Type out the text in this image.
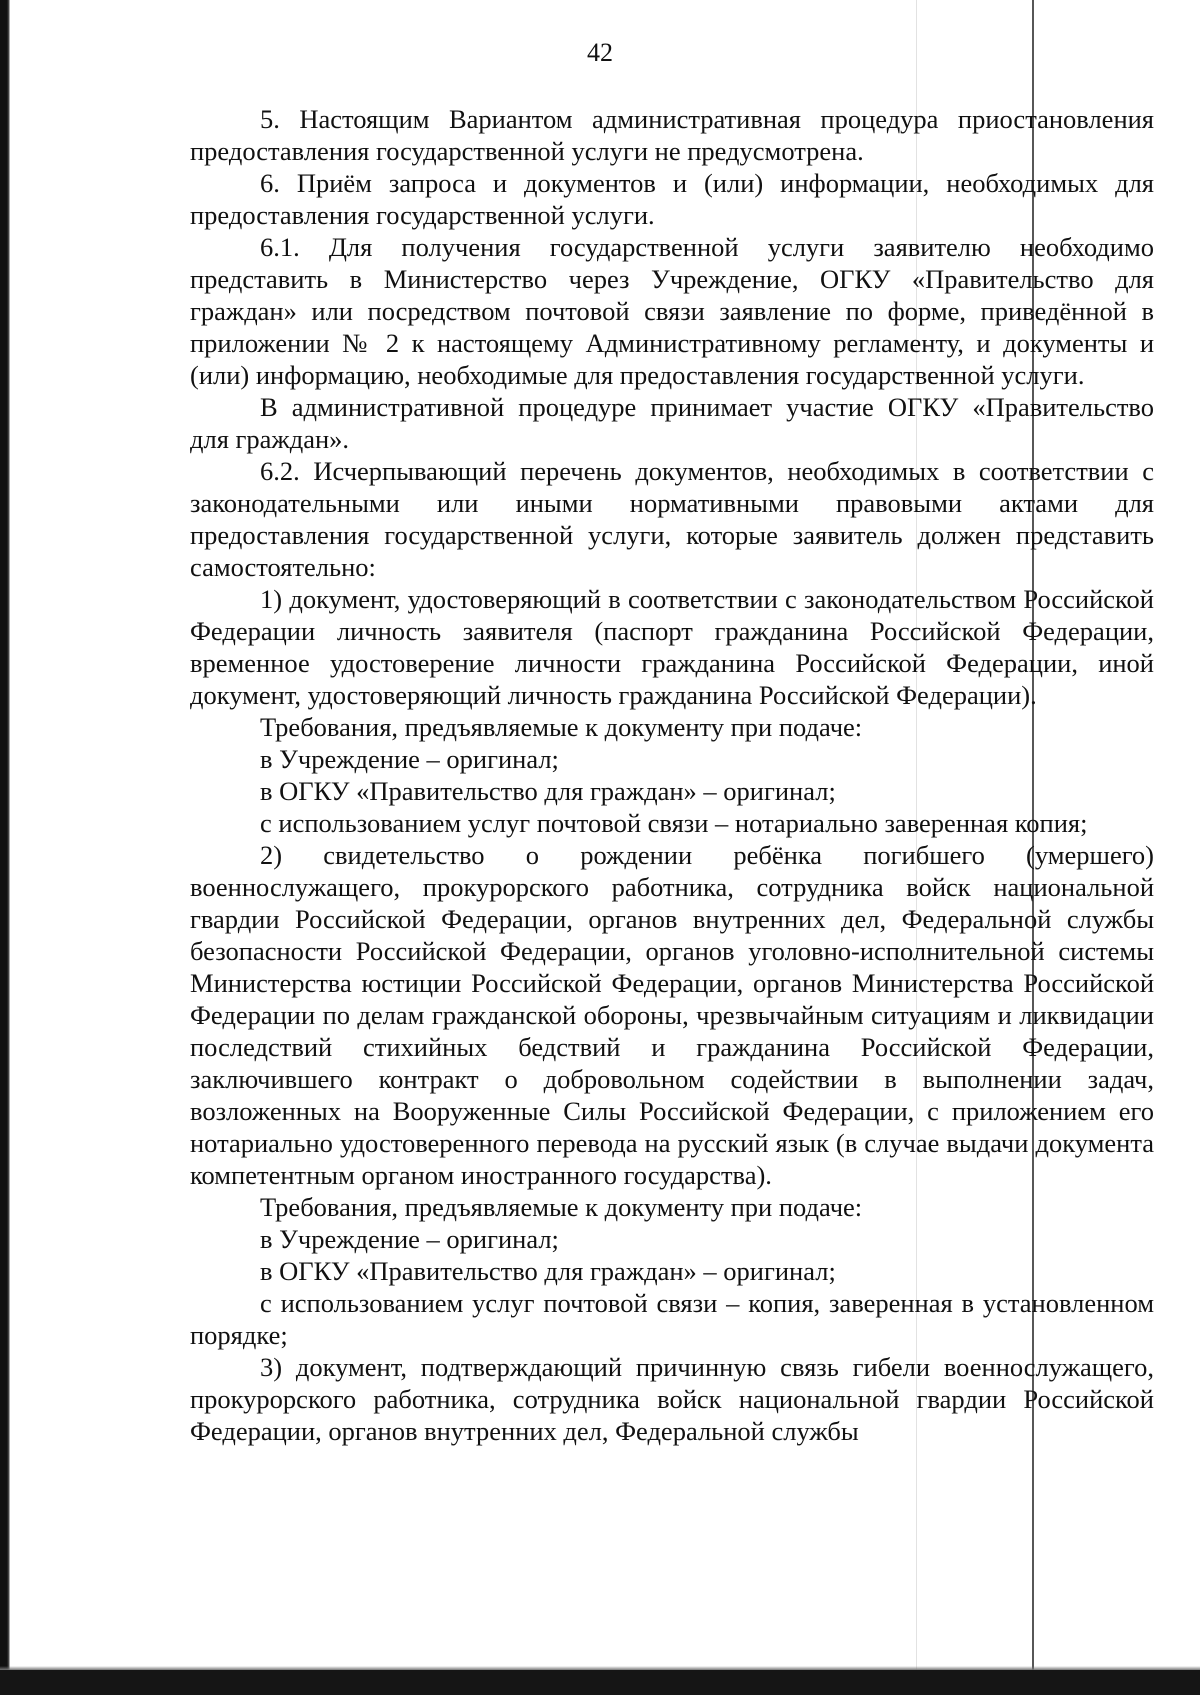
42

5. Настоящим Вариантом административная процедура приостановления предоставления государственной услуги не предусмотрена.

6. Приём запроса и документов и (или) информации, необходимых для предоставления государственной услуги.

6.1. Для получения государственной услуги заявителю необходимо представить в Министерство через Учреждение, ОГКУ «Правительство для граждан» или посредством почтовой связи заявление по форме, приведённой в приложении № 2 к настоящему Административному регламенту, и документы и (или) информацию, необходимые для предоставления государственной услуги.

В административной процедуре принимает участие ОГКУ «Правительство для граждан».

6.2. Исчерпывающий перечень документов, необходимых в соответствии с законодательными или иными нормативными правовыми актами для предоставления государственной услуги, которые заявитель должен представить самостоятельно:

1) документ, удостоверяющий в соответствии с законодательством Российской Федерации личность заявителя (паспорт гражданина Российской Федерации, временное удостоверение личности гражданина Российской Федерации, иной документ, удостоверяющий личность гражданина Российской Федерации).

Требования, предъявляемые к документу при подаче:

в Учреждение – оригинал;

в ОГКУ «Правительство для граждан» – оригинал;

с использованием услуг почтовой связи – нотариально заверенная копия;

2) свидетельство о рождении ребёнка погибшего (умершего) военнослужащего, прокурорского работника, сотрудника войск национальной гвардии Российской Федерации, органов внутренних дел, Федеральной службы безопасности Российской Федерации, органов уголовно-исполнительной системы Министерства юстиции Российской Федерации, органов Министерства Российской Федерации по делам гражданской обороны, чрезвычайным ситуациям и ликвидации последствий стихийных бедствий и гражданина Российской Федерации, заключившего контракт о добровольном содействии в выполнении задач, возложенных на Вооруженные Силы Российской Федерации, с приложением его нотариально удостоверенного перевода на русский язык (в случае выдачи документа компетентным органом иностранного государства).

Требования, предъявляемые к документу при подаче:

в Учреждение – оригинал;

в ОГКУ «Правительство для граждан» – оригинал;

с использованием услуг почтовой связи – копия, заверенная в установленном порядке;

3) документ, подтверждающий причинную связь гибели военнослужащего, прокурорского работника, сотрудника войск национальной гвардии Российской Федерации, органов внутренних дел, Федеральной службы
